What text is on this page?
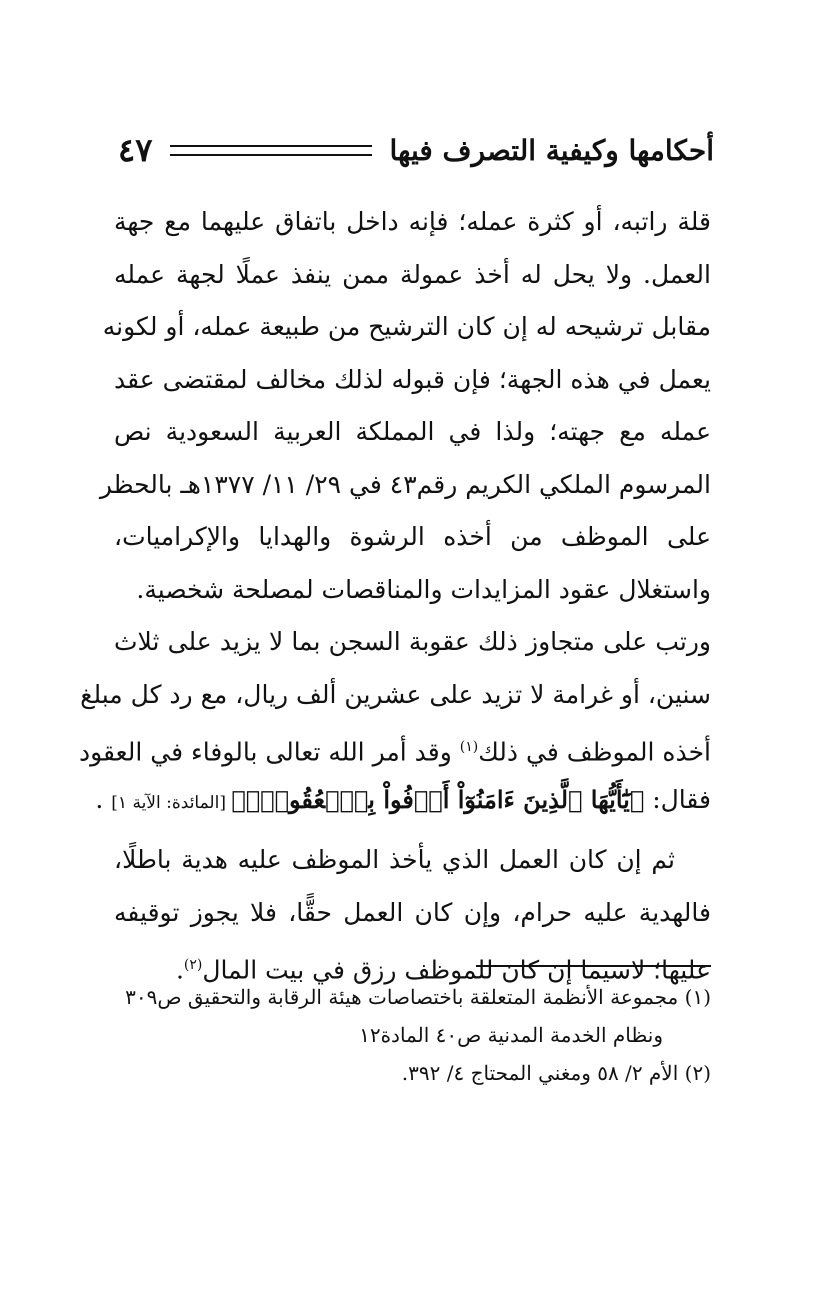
أحكامها وكيفية التصرف فيها
٤٧
قلة راتبه، أو كثرة عمله؛ فإنه داخل باتفاق عليهما مع جهة
العمل. ولا يحل له أخذ عمولة ممن ينفذ عملًا لجهة عمله
مقابل ترشيحه له إن كان الترشيح من طبيعة عمله، أو لكونه
يعمل في هذه الجهة؛ فإن قبوله لذلك مخالف لمقتضى عقد
عمله مع جهته؛ ولذا في المملكة العربية السعودية نص
المرسوم الملكي الكريم رقم٤٣ في ٢٩/ ١١/ ١٣٧٧هـ بالحظر
على الموظف من أخذه الرشوة والهدايا والإكراميات،
واستغلال عقود المزايدات والمناقصات لمصلحة شخصية.
ورتب على متجاوز ذلك عقوبة السجن بما لا يزيد على ثلاث
سنين، أو غرامة لا تزيد على عشرين ألف ريال، مع رد كل مبلغ
أخذه الموظف في ذلك$^{(١)}$ وقد أمر الله تعالى بالوفاء في العقود
فقال: ﴿يَٰٓأَيُّهَا ٱلَّذِينَ ءَامَنُوٓاْ أَوۡفُواْ بِٱلۡعُقُودِۚ﴾ [المائدة: الآية ١] .
ثم إن كان العمل الذي يأخذ الموظف عليه هدية باطلًا،
فالهدية عليه حرام، وإن كان العمل حقًّا، فلا يجوز توقيفه
عليها؛ لاسيما إن كان للموظف رزق في بيت المال$^{(٢)}$.
(١) مجموعة الأنظمة المتعلقة باختصاصات هيئة الرقابة والتحقيق ص٣٠٩
ونظام الخدمة المدنية ص٤٠ المادة١٢
(٢) الأم ٢/ ٥٨ ومغني المحتاج ٤/ ٣٩٢.
